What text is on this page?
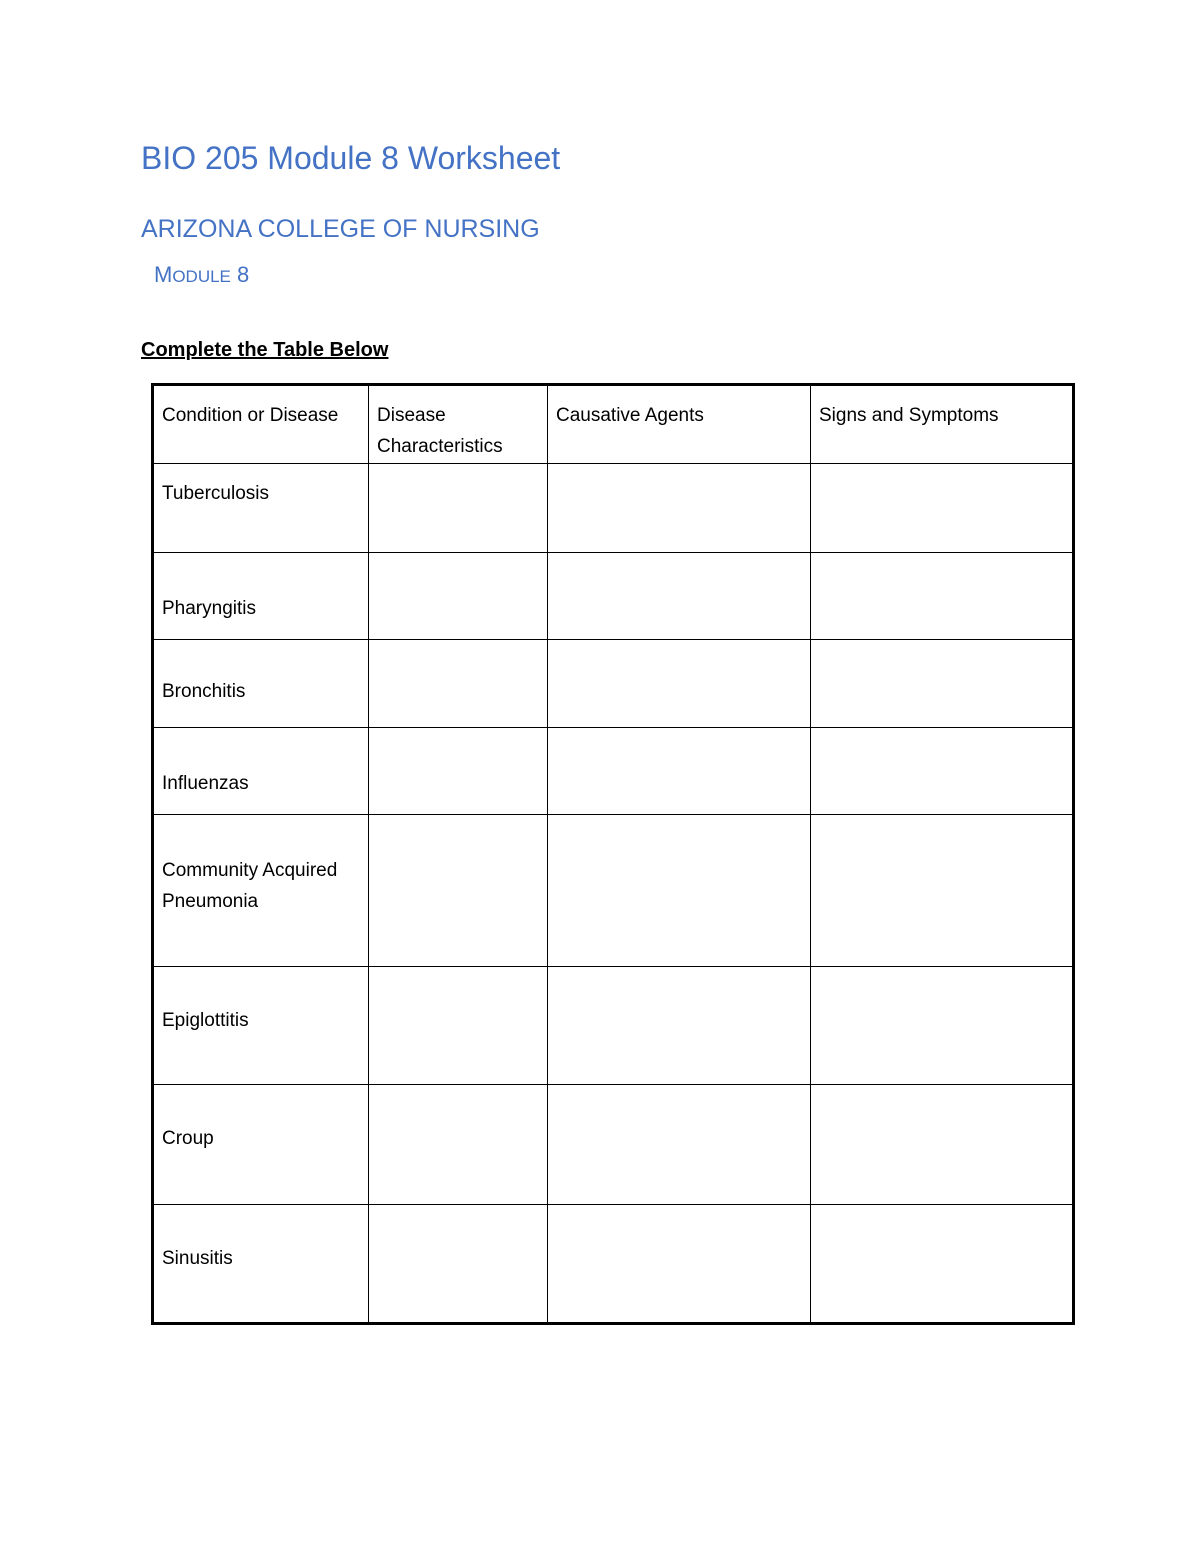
BIO 205 Module 8 Worksheet
ARIZONA COLLEGE OF NURSING
MODULE 8

Complete the Table Below

Condition or Disease	Disease Characteristics	Causative Agents	Signs and Symptoms
Tuberculosis			
Pharyngitis			
Bronchitis			
Influenzas			
Community Acquired Pneumonia			
Epiglottitis			
Croup			
Sinusitis			
